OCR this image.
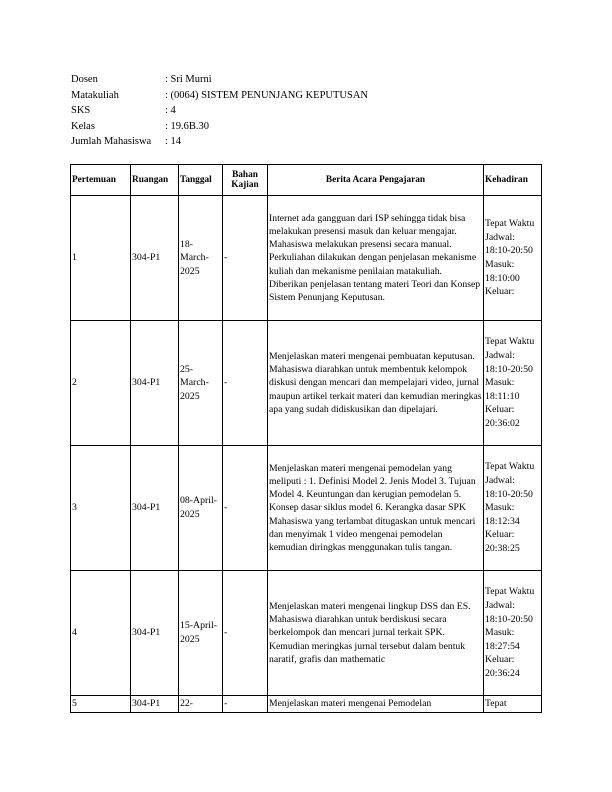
Dosen	: Sri Murni
Matakuliah	: (0064) SISTEM PENUNJANG KEPUTUSAN
SKS	: 4
Kelas	: 19.6B.30
Jumlah Mahasiswa	: 14
Pertemuan	Ruangan	Tanggal	Bahan Kajian	Berita Acara Pengajaran	Kehadiran
1	304-P1	18-March-2025	-	Internet ada gangguan dari ISP sehingga tidak bisa melakukan presensi masuk dan keluar mengajar. Mahasiswa melakukan presensi secara manual. Perkuliahan dilakukan dengan penjelasan mekanisme kuliah dan mekanisme penilaian matakuliah. Diberikan penjelasan tentang materi Teori dan Konsep Sistem Penunjang Keputusan.	Tepat Waktu Jadwal: 18:10-20:50 Masuk: 18:10:00 Keluar:
2	304-P1	25-March-2025	-	Menjelaskan materi mengenai pembuatan keputusan. Mahasiswa diarahkan untuk membentuk kelompok diskusi dengan mencari dan mempelajari video, jurnal maupun artikel terkait materi dan kemudian meringkas apa yang sudah didiskusikan dan dipelajari.	Tepat Waktu Jadwal: 18:10-20:50 Masuk: 18:11:10 Keluar: 20:36:02
3	304-P1	08-April-2025	-	Menjelaskan materi mengenai pemodelan yang meliputi : 1. Definisi Model 2. Jenis Model 3. Tujuan Model 4. Keuntungan dan kerugian pemodelan 5. Konsep dasar siklus model 6. Kerangka dasar SPK Mahasiswa yang terlambat ditugaskan untuk mencari dan menyimak 1 video mengenai pemodelan kemudian diringkas menggunakan tulis tangan.	Tepat Waktu Jadwal: 18:10-20:50 Masuk: 18:12:34 Keluar: 20:38:25
4	304-P1	15-April-2025	-	Menjelaskan materi mengenai lingkup DSS dan ES. Mahasiswa diarahkan untuk berdiskusi secara berkelompok dan mencari jurnal terkait SPK. Kemudian meringkas jurnal tersebut dalam bentuk naratif, grafis dan mathematic	Tepat Waktu Jadwal: 18:10-20:50 Masuk: 18:27:54 Keluar: 20:36:24
5	304-P1	22-	-	Menjelaskan materi mengenai Pemodelan	Tepat
